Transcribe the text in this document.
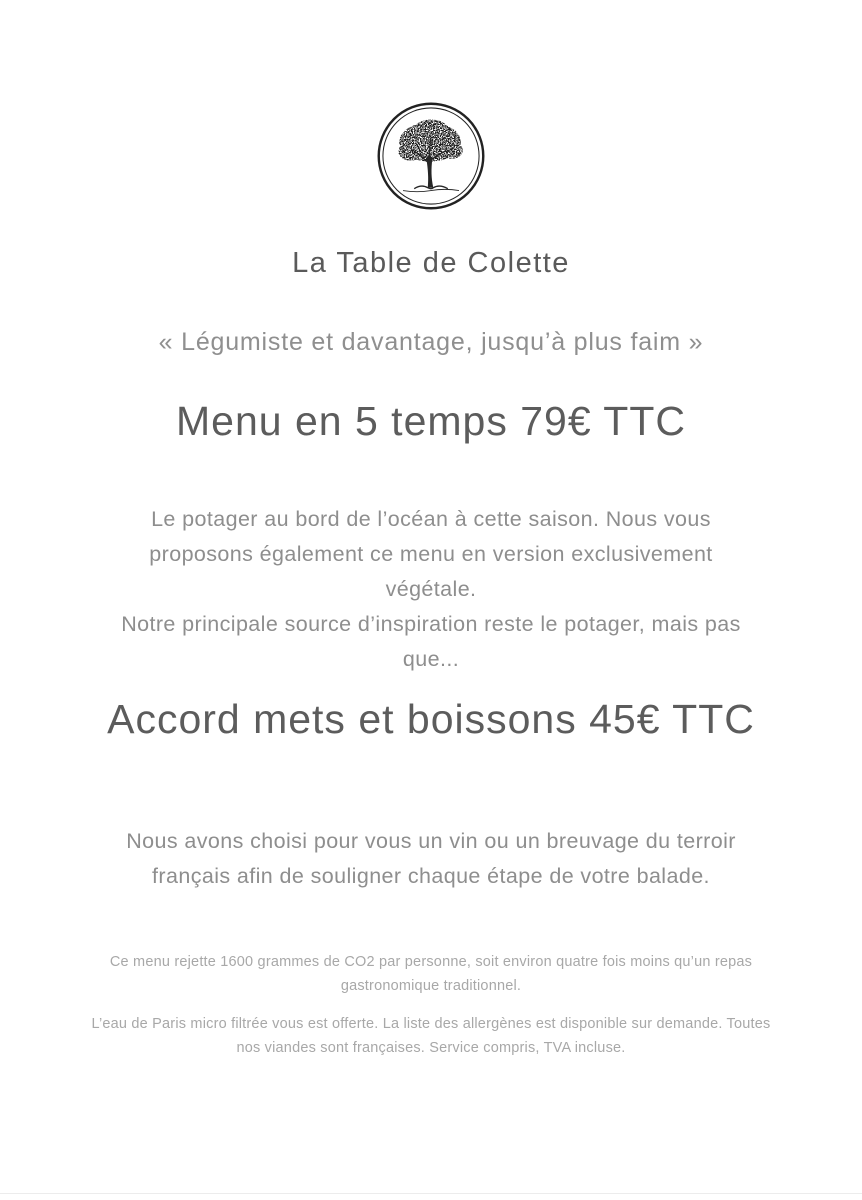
La Table de Colette
« Légumiste et davantage, jusqu’à plus faim »
Menu en 5 temps 79€ TTC
Le potager au bord de l’océan à cette saison. Nous vous proposons également ce menu en version exclusivement végétale.
Notre principale source d’inspiration reste le potager, mais pas que...
Accord mets et boissons 45€ TTC
Nous avons choisi pour vous un vin ou un breuvage du terroir français afin de souligner chaque étape de votre balade.
Ce menu rejette 1600 grammes de CO2 par personne, soit environ quatre fois moins qu’un repas gastronomique traditionnel.
L’eau de Paris micro filtrée vous est offerte. La liste des allergènes est disponible sur demande. Toutes nos viandes sont françaises. Service compris, TVA incluse.
